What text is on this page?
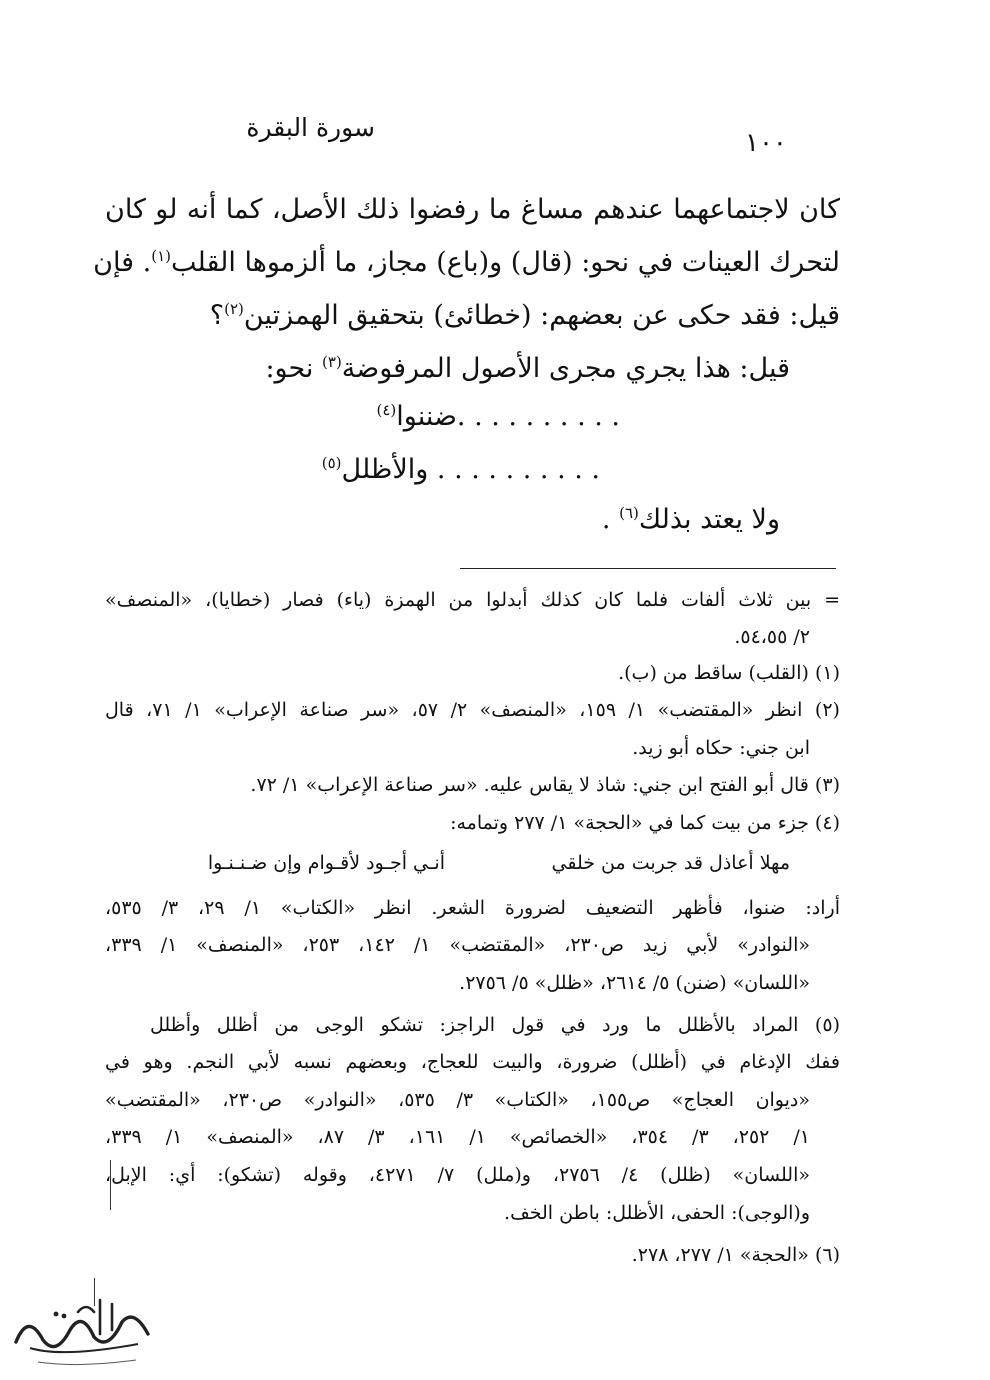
سورة البقرة
١٠٠
كان لاجتماعهما عندهم مساغ ما رفضوا ذلك الأصل، كما أنه لو كان
لتحرك العينات في نحو: (قال) و(باع) مجاز، ما ألزموها القلب$^{(١)}$. فإن
قيل: فقد حكى عن بعضهم: (خطائئ) بتحقيق الهمزتين$^{(٢)}$؟
قيل: هذا يجري مجرى الأصول المرفوضة$^{(٣)}$ نحو:
. . . . . . . . . .ضننوا$^{(٤)}$
. . . . . . . . . . والأظلل$^{(٥)}$
ولا يعتد بذلك$^{(٦)}$ .
= بين ثلاث ألفات فلما كان كذلك أبدلوا من الهمزة (ياء) فصار (خطايا)، «المنصف»
٢/ ٥٤،٥٥.
(١) (القلب) ساقط من (ب).
(٢) انظر «المقتضب» ١/ ١٥٩، «المنصف» ٢/ ٥٧، «سر صناعة الإعراب» ١/ ٧١، قال
ابن جني: حكاه أبو زيد.
(٣) قال أبو الفتح ابن جني: شاذ لا يقاس عليه. «سر صناعة الإعراب» ١/ ٧٢.
(٤) جزء من بيت كما في «الحجة» ١/ ٢٧٧ وتمامه:
مهلا أعاذل قد جربت من خلقي
أنـي أجـود لأقـوام وإن ضـنـنـوا
أراد: ضنوا، فأظهر التضعيف لضرورة الشعر. انظر «الكتاب» ١/ ٢٩، ٣/ ٥٣٥،
«النوادر» لأبي زيد ص٢٣٠، «المقتضب» ١/ ١٤٢، ٢٥٣، «المنصف» ١/ ٣٣٩،
«اللسان» (ضنن) ٥/ ٢٦١٤، «ظلل» ٥/ ٢٧٥٦.
(٥) المراد بالأظلل ما ورد في قول الراجز: تشكو الوجى من أظلل وأظلل
ففك الإدغام في (أظلل) ضرورة، والبيت للعجاج، وبعضهم نسبه لأبي النجم. وهو في
«ديوان العجاج» ص١٥٥، «الكتاب» ٣/ ٥٣٥، «النوادر» ص٢٣٠، «المقتضب»
١/ ٢٥٢، ٣/ ٣٥٤، «الخصائص» ١/ ١٦١، ٣/ ٨٧، «المنصف» ١/ ٣٣٩،
«اللسان» (ظلل) ٤/ ٢٧٥٦، و(ملل) ٧/ ٤٢٧١، وقوله (تشكو): أي: الإبل،
و(الوجى): الحفى، الأظلل: باطن الخف.
(٦) «الحجة» ١/ ٢٧٧، ٢٧٨.
